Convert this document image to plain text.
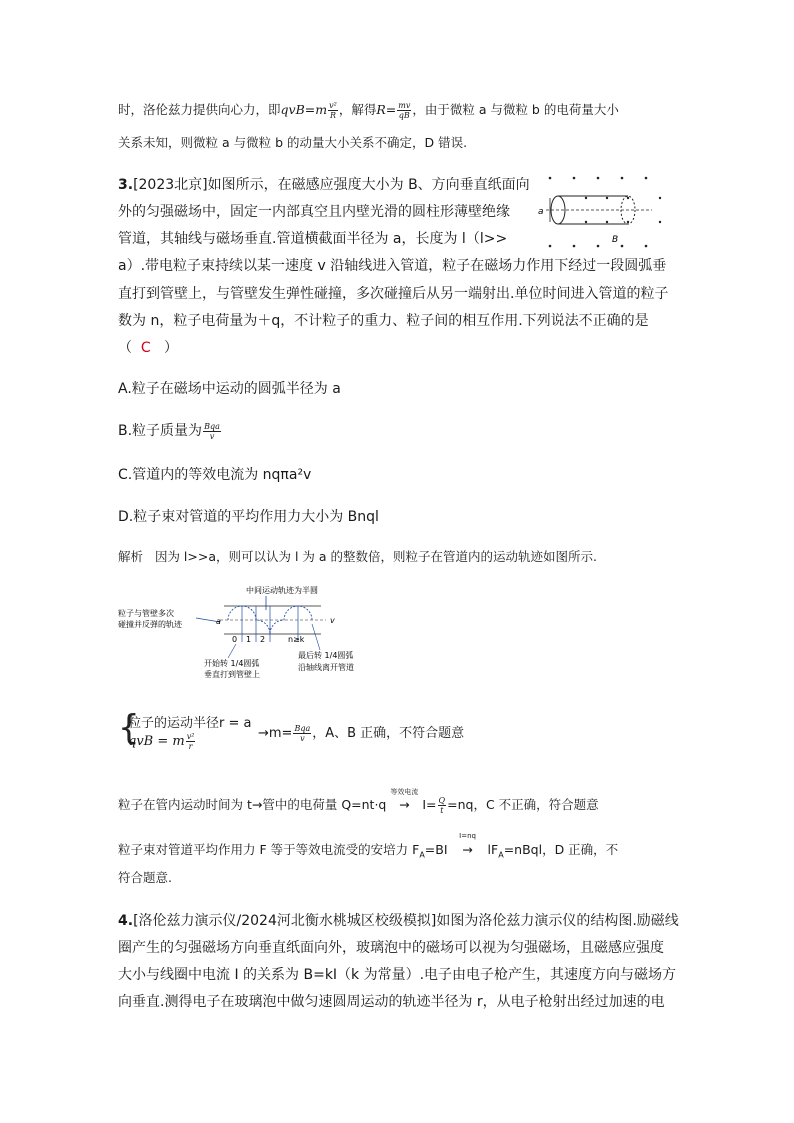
时，洛伦兹力提供向心力，即$qvB=m \frac{\text{v²}}{R}$ ，解得$R= \frac{mv}{qB}$ ，由于微粒 a 与微粒 b 的电荷量大小
关系未知，则微粒 a 与微粒 b 的动量大小关系不确定，D 错误.
3.[2023北京]如图所示，在磁感应强度大小为 B、方向垂直纸面向
外的匀强磁场中，固定一内部真空且内壁光滑的圆柱形薄壁绝缘
管道，其轴线与磁场垂直.管道横截面半径为 a，长度为 l（l>>
a）.带电粒子束持续以某一速度 v 沿轴线进入管道，粒子在磁场力作用下经过一段圆弧垂
直打到管壁上，与管壁发生弹性碰撞，多次碰撞后从另一端射出.单位时间进入管道的粒子
数为 n，粒子电荷量为＋q，不计粒子的重力、粒子间的相互作用.下列说法不正确的是
（ C ）
a
B
A.粒子在磁场中运动的圆弧半径为 a
B.粒子质量为 $\frac{\text{Bqa}}{v}$
C.管道内的等效电流为 nqπa²v
D.粒子束对管道的平均作用力大小为 Bnql
解析 因为 l>>a，则可以认为 l 为 a 的整数倍，则粒子在管道内的运动轨迹如图所示.
中间运动轨迹为半圆
粒子与管壁多次
碰撞并反弹的轨迹	v
a
0 1 2	n≥k
开始转 1/4圆弧
垂直打到管壁上
最后转 1/4圆弧
沿轴线离开管道
{
粒子的运动半径r = a
qvB = m $\frac{\text{v²}}{r}$	$\to m= \frac{\text{Bqa}}{v}$ ，A、B 正确，不符合题意
粒子在管内运动时间为 t→管中的电荷量 Q=nt·q
等效电流
→ $I= \frac{Q}{t} =nq$，C 不正确，符合题意
粒子束对管道平均作用力 F 等于等效电流受的安培力 $F_A=BI$
I=nq
→ $lF_A=nBql$，D 正确，不
符合题意.
4.[洛伦兹力演示仪/2024河北衡水桃城区校级模拟]如图为洛伦兹力演示仪的结构图.励磁线
圈产生的匀强磁场方向垂直纸面向外，玻璃泡中的磁场可以视为匀强磁场，且磁感应强度
大小与线圈中电流 I 的关系为 B=kI（k 为常量）.电子由电子枪产生，其速度方向与磁场方
向垂直.测得电子在玻璃泡中做匀速圆周运动的轨迹半径为 r，从电子枪射出经过加速的电
